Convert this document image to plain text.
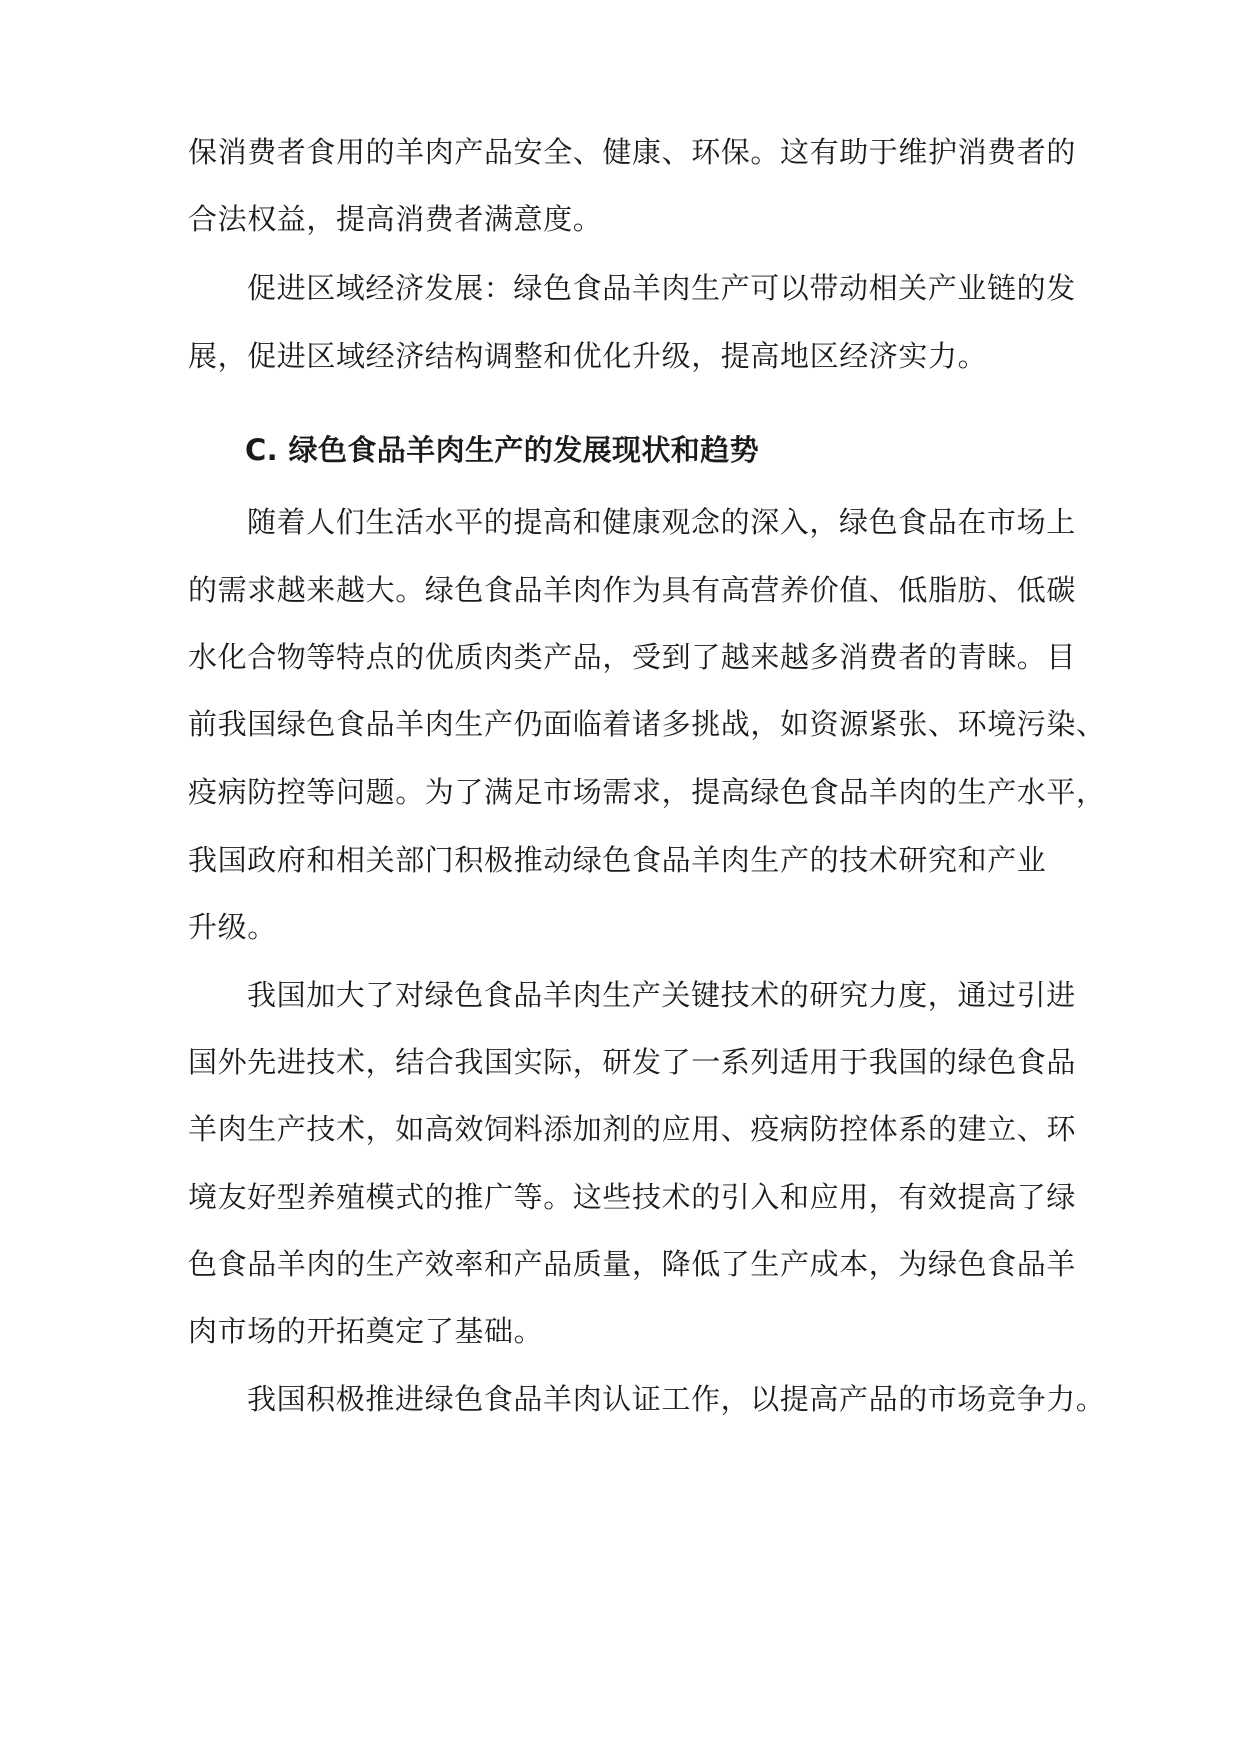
保消费者食用的羊肉产品安全、健康、环保。这有助于维护消费者的
合法权益，提高消费者满意度。
促进区域经济发展：绿色食品羊肉生产可以带动相关产业链的发
展，促进区域经济结构调整和优化升级，提高地区经济实力。
C. 绿色食品羊肉生产的发展现状和趋势
随着人们生活水平的提高和健康观念的深入，绿色食品在市场上
的需求越来越大。绿色食品羊肉作为具有高营养价值、低脂肪、低碳
水化合物等特点的优质肉类产品，受到了越来越多消费者的青睐。目
前我国绿色食品羊肉生产仍面临着诸多挑战，如资源紧张、环境污染、
疫病防控等问题。为了满足市场需求，提高绿色食品羊肉的生产水平，
我国政府和相关部门积极推动绿色食品羊肉生产的技术研究和产业
升级。
我国加大了对绿色食品羊肉生产关键技术的研究力度，通过引进
国外先进技术，结合我国实际，研发了一系列适用于我国的绿色食品
羊肉生产技术，如高效饲料添加剂的应用、疫病防控体系的建立、环
境友好型养殖模式的推广等。这些技术的引入和应用，有效提高了绿
色食品羊肉的生产效率和产品质量，降低了生产成本，为绿色食品羊
肉市场的开拓奠定了基础。
我国积极推进绿色食品羊肉认证工作，以提高产品的市场竞争力。
